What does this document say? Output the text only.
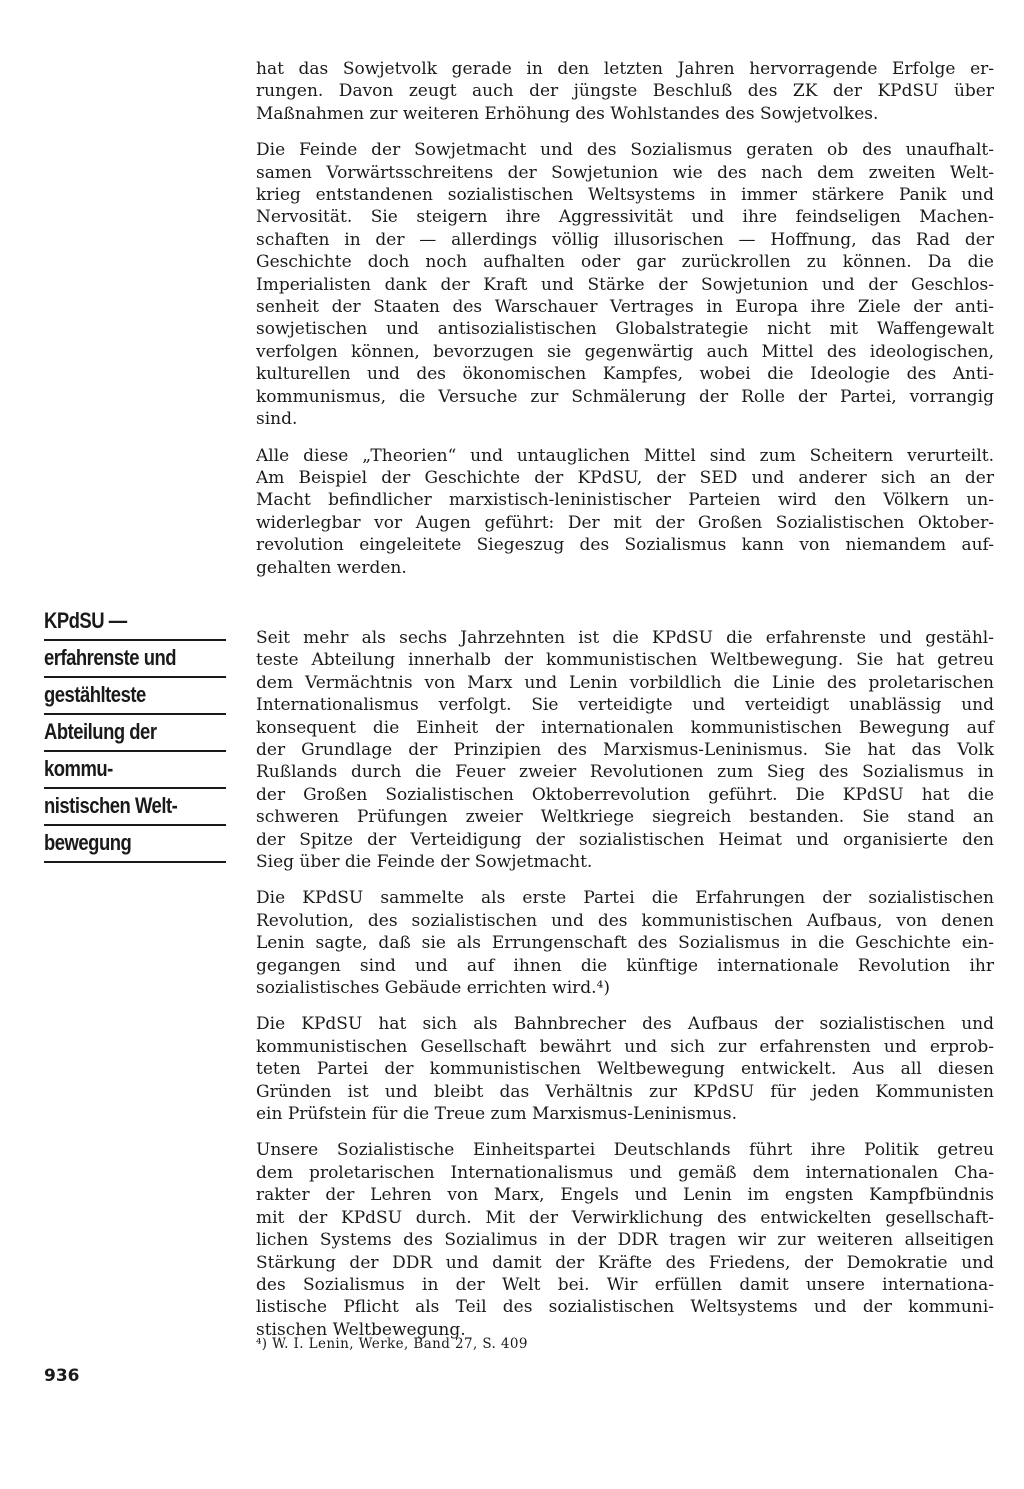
hat das Sowjetvolk gerade in den letzten Jahren hervorragende Erfolge er-
rungen. Davon zeugt auch der jüngste Beschluß des ZK der KPdSU über
Maßnahmen zur weiteren Erhöhung des Wohlstandes des Sowjetvolkes.

Die Feinde der Sowjetmacht und des Sozialismus geraten ob des unaufhalt-
samen Vorwärtsschreitens der Sowjetunion wie des nach dem zweiten Welt-
krieg entstandenen sozialistischen Weltsystems in immer stärkere Panik und
Nervosität. Sie steigern ihre Aggressivität und ihre feindseligen Machen-
schaften in der — allerdings völlig illusorischen — Hoffnung, das Rad der
Geschichte doch noch aufhalten oder gar zurückrollen zu können. Da die
Imperialisten dank der Kraft und Stärke der Sowjetunion und der Geschlos-
senheit der Staaten des Warschauer Vertrages in Europa ihre Ziele der anti-
sowjetischen und antisozialistischen Globalstrategie nicht mit Waffengewalt
verfolgen können, bevorzugen sie gegenwärtig auch Mittel des ideologischen,
kulturellen und des ökonomischen Kampfes, wobei die Ideologie des Anti-
kommunismus, die Versuche zur Schmälerung der Rolle der Partei, vorrangig
sind.

Alle diese „Theorien“ und untauglichen Mittel sind zum Scheitern verurteilt.
Am Beispiel der Geschichte der KPdSU, der SED und anderer sich an der
Macht befindlicher marxistisch-leninistischer Parteien wird den Völkern un-
widerlegbar vor Augen geführt: Der mit der Großen Sozialistischen Oktober-
revolution eingeleitete Siegeszug des Sozialismus kann von niemandem auf-
gehalten werden.

Seit mehr als sechs Jahrzehnten ist die KPdSU die erfahrenste und gestähl-
teste Abteilung innerhalb der kommunistischen Weltbewegung. Sie hat getreu
dem Vermächtnis von Marx und Lenin vorbildlich die Linie des proletarischen
Internationalismus verfolgt. Sie verteidigte und verteidigt unablässig und
konsequent die Einheit der internationalen kommunistischen Bewegung auf
der Grundlage der Prinzipien des Marxismus-Leninismus. Sie hat das Volk
Rußlands durch die Feuer zweier Revolutionen zum Sieg des Sozialismus in
der Großen Sozialistischen Oktoberrevolution geführt. Die KPdSU hat die
schweren Prüfungen zweier Weltkriege siegreich bestanden. Sie stand an
der Spitze der Verteidigung der sozialistischen Heimat und organisierte den
Sieg über die Feinde der Sowjetmacht.

Die KPdSU sammelte als erste Partei die Erfahrungen der sozialistischen
Revolution, des sozialistischen und des kommunistischen Aufbaus, von denen
Lenin sagte, daß sie als Errungenschaft des Sozialismus in die Geschichte ein-
gegangen sind und auf ihnen die künftige internationale Revolution ihr
sozialistisches Gebäude errichten wird.⁴)

Die KPdSU hat sich als Bahnbrecher des Aufbaus der sozialistischen und
kommunistischen Gesellschaft bewährt und sich zur erfahrensten und erprob-
teten Partei der kommunistischen Weltbewegung entwickelt. Aus all diesen
Gründen ist und bleibt das Verhältnis zur KPdSU für jeden Kommunisten
ein Prüfstein für die Treue zum Marxismus-Leninismus.

Unsere Sozialistische Einheitspartei Deutschlands führt ihre Politik getreu
dem proletarischen Internationalismus und gemäß dem internationalen Cha-
rakter der Lehren von Marx, Engels und Lenin im engsten Kampfbündnis
mit der KPdSU durch. Mit der Verwirklichung des entwickelten gesellschaft-
lichen Systems des Sozialimus in der DDR tragen wir zur weiteren allseitigen
Stärkung der DDR und damit der Kräfte des Friedens, der Demokratie und
des Sozialismus in der Welt bei. Wir erfüllen damit unsere internationa-
listische Pflicht als Teil des sozialistischen Weltsystems und der kommuni-
stischen Weltbewegung.

KPdSU —
erfahrenste und
gestählteste
Abteilung der
kommu-
nistischen Welt-
bewegung
⁴) W. I. Lenin, Werke, Band 27, S. 409
936
